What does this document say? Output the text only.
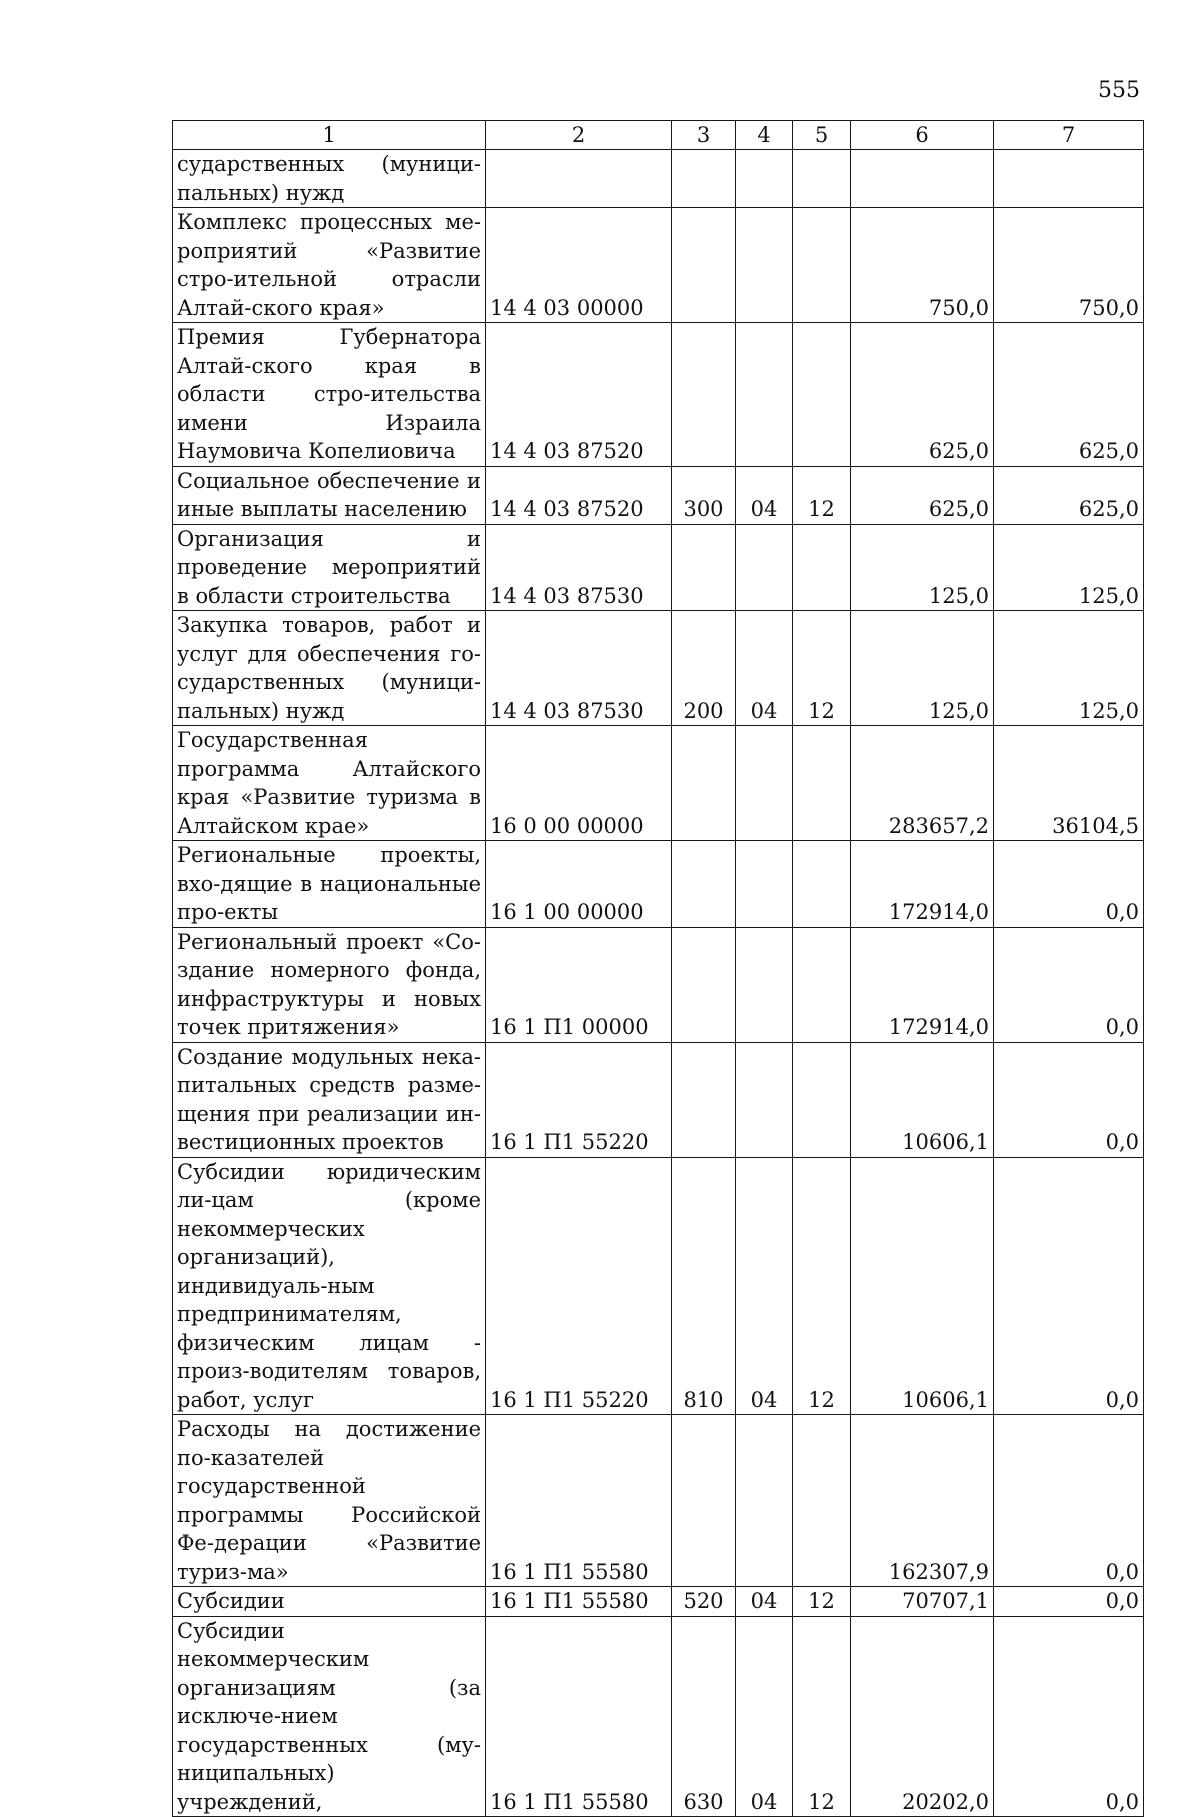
555
1	2	3	4	5	6	7
сударственных (муници-пальных) нужд						
Комплекс процессных ме-роприятий «Развитие стро-ительной отрасли Алтай-ского края»	14 4 03 00000				750,0	750,0
Премия Губернатора Алтай-ского края в области стро-ительства имени Израила Наумовича Копелиовича	14 4 03 87520				625,0	625,0
Социальное обеспечение и иные выплаты населению	14 4 03 87520	300	04	12	625,0	625,0
Организация и проведение мероприятий в области строительства	14 4 03 87530				125,0	125,0
Закупка товаров, работ и услуг для обеспечения го-сударственных (муници-пальных) нужд	14 4 03 87530	200	04	12	125,0	125,0
Государственная программа Алтайского края «Развитие туризма в Алтайском крае»	16 0 00 00000				283657,2	36104,5
Региональные проекты, вхо-дящие в национальные про-екты	16 1 00 00000				172914,0	0,0
Региональный проект «Со-здание номерного фонда, инфраструктуры и новых точек притяжения»	16 1 П1 00000				172914,0	0,0
Создание модульных нека-питальных средств разме-щения при реализации ин-вестиционных проектов	16 1 П1 55220				10606,1	0,0
Субсидии юридическим ли-цам (кроме некоммерческих организаций), индивидуаль-ным предпринимателям, физическим лицам - произ-водителям товаров, работ, услуг	16 1 П1 55220	810	04	12	10606,1	0,0
Расходы на достижение по-казателей государственной программы Российской Фе-дерации «Развитие туриз-ма»	16 1 П1 55580				162307,9	0,0
Субсидии	16 1 П1 55580	520	04	12	70707,1	0,0
Субсидии некоммерческим организациям (за исключе-нием государственных (му-ниципальных) учреждений,	16 1 П1 55580	630	04	12	20202,0	0,0
